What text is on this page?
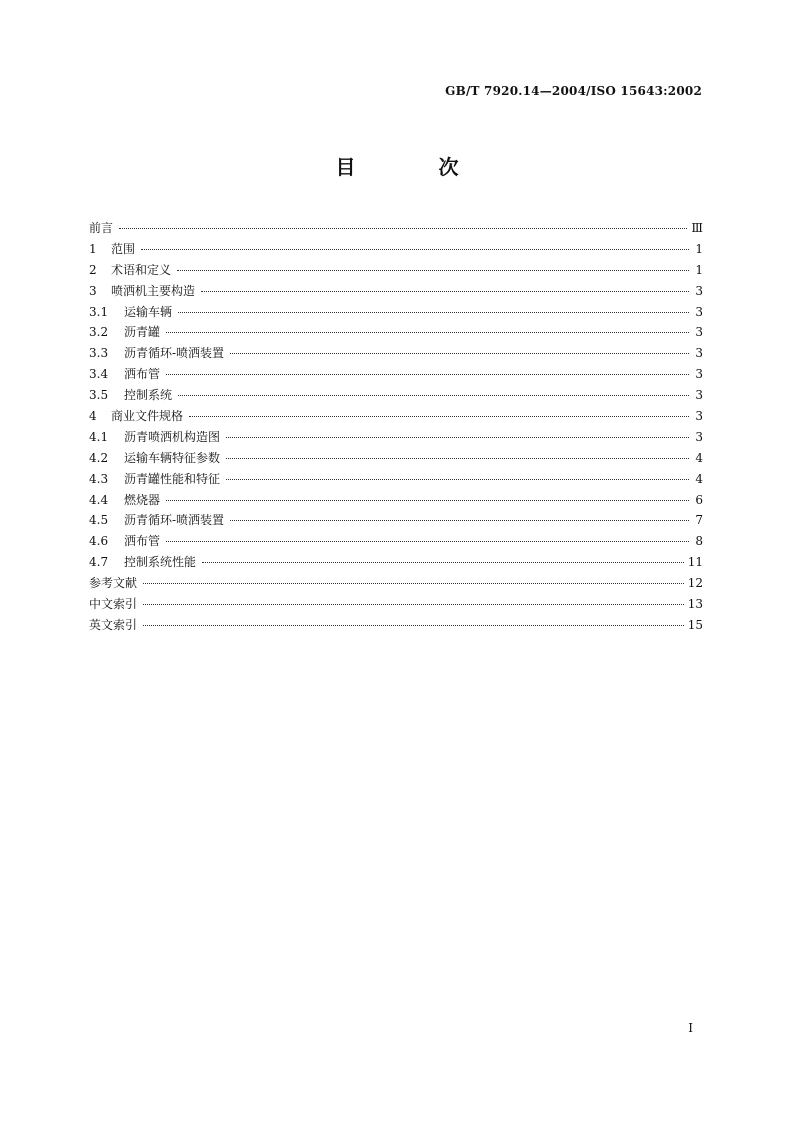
GB/T 7920.14—2004/ISO 15643:2002
目 次
前言	Ⅲ
1	范围	1
2	术语和定义	1
3	喷洒机主要构造	3
3.1	运输车辆	3
3.2	沥青罐	3
3.3	沥青循环-喷洒装置	3
3.4	洒布管	3
3.5	控制系统	3
4	商业文件规格	3
4.1	沥青喷洒机构造图	3
4.2	运输车辆特征参数	4
4.3	沥青罐性能和特征	4
4.4	燃烧器	6
4.5	沥青循环-喷洒装置	7
4.6	洒布管	8
4.7	控制系统性能	11
参考文献	12
中文索引	13
英文索引	15
I
